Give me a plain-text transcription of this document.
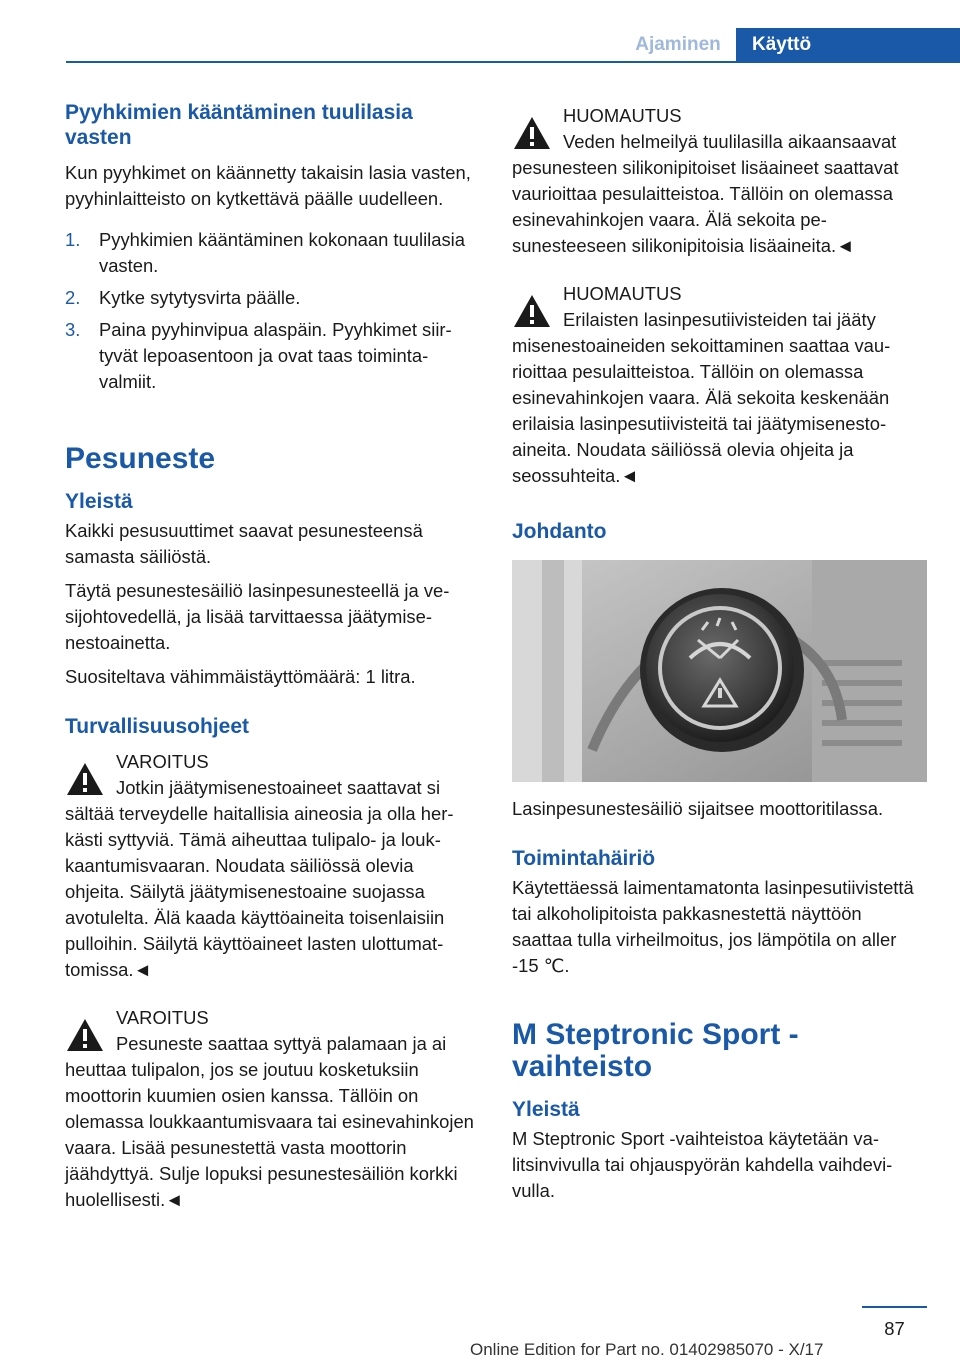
Ajaminen	Käyttö
Pyyhkimien kääntäminen tuulilasia vasten

Kun pyyhkimet on käännetty takaisin lasia vasten, pyyhinlaitteisto on kytkettävä päälle uudelleen.

1.	Pyyhkimien kääntäminen kokonaan tuulilasia vasten.
2.	Kytke sytytysvirta päälle.
3.	Paina pyyhinvipua alaspäin. Pyyhkimet siirtyvät lepoasentoon ja ovat taas toimintavalmiit.
Pesuneste
Yleistä

Kaikki pesusuuttimet saavat pesunesteensä samasta säiliöstä.

Täytä pesunestesäiliö lasinpesunesteellä ja vesijohtovedellä, ja lisää tarvittaessa jäätymisenestoainetta.

Suositeltava vähimmäistäyttömäärä: 1 litra.

Turvallisuusohjeet

VAROITUS

Jotkin jäätymisenestoaineet saattavat si
sältää terveydelle haitallisia aineosia ja olla herkästi syttyviä. Tämä aiheuttaa tulipalo- ja loukkaantumisvaaran. Noudata säiliössä olevia ohjeita. Säilytä jäätymisenestoaine suojassa avotulelta. Älä kaada käyttöaineita toisenlaisiin pulloihin. Säilytä käyttöaineet lasten ulottumattomissa.◄

VAROITUS

Pesuneste saattaa syttyä palamaan ja ai
heuttaa tulipalon, jos se joutuu kosketuksiin moottorin kuumien osien kanssa. Tällöin on olemassa loukkaantumisvaara tai esinevahinkojen vaara. Lisää pesunestettä vasta moottorin jäähdyttyä. Sulje lopuksi pesunestesäiliön korkki huolellisesti.◄

HUOMAUTUS

Veden helmeilyä tuulilasilla aikaansaavat
pesunesteen silikonipitoiset lisäaineet saattavat vaurioittaa pesulaitteistoa. Tällöin on olemassa esinevahinkojen vaara. Älä sekoita pesunesteeseen silikonipitoisia lisäaineita.◄

HUOMAUTUS

Erilaisten lasinpesutiivisteiden tai jääty
misenestoaineiden sekoittaminen saattaa vaurioittaa pesulaitteistoa. Tällöin on olemassa esinevahinkojen vaara. Älä sekoita keskenään erilaisia lasinpesutiivisteitä tai jäätymisenestoaineita. Noudata säiliössä olevia ohjeita ja seossuhteita.◄

Johdanto

Lasinpesunestesäiliö sijaitsee moottoritilassa.

Toimintahäiriö

Käytettäessä laimentamatonta lasinpesutiivistettä tai alkoholipitoista pakkasnestettä näyttöön saattaa tulla virheilmoitus, jos lämpötila on aller -15 ℃.

M Steptronic Sport -vaihteisto
Yleistä

M Steptronic Sport -vaihteistoa käytetään valitsinvivulla tai ohjauspyörän kahdella vaihdevivulla.

87
Online Edition for Part no. 01402985070 - X/17
